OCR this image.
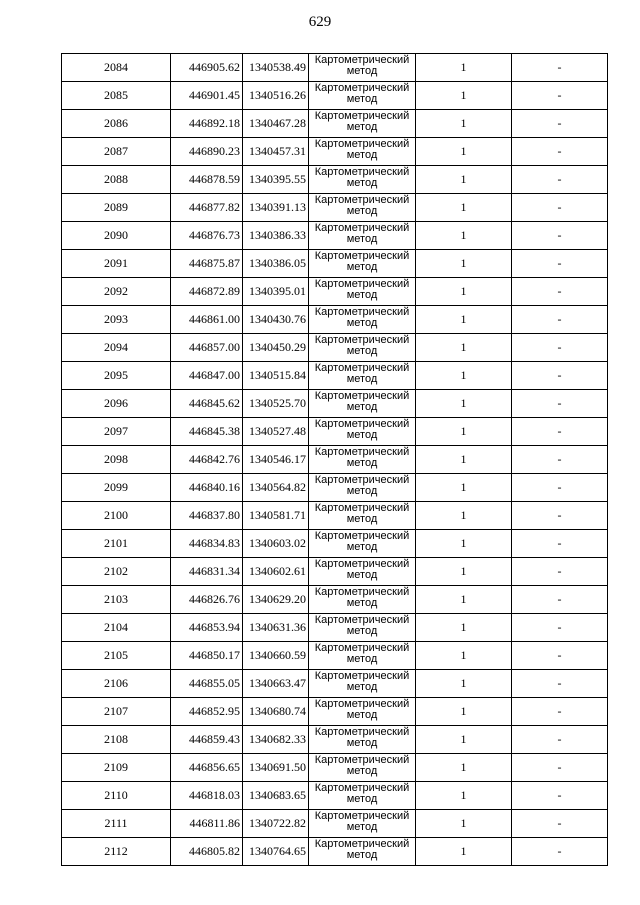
629
2084	446905.62	1340538.49	Картометрический метод	1	-
2085	446901.45	1340516.26	Картометрический метод	1	-
2086	446892.18	1340467.28	Картометрический метод	1	-
2087	446890.23	1340457.31	Картометрический метод	1	-
2088	446878.59	1340395.55	Картометрический метод	1	-
2089	446877.82	1340391.13	Картометрический метод	1	-
2090	446876.73	1340386.33	Картометрический метод	1	-
2091	446875.87	1340386.05	Картометрический метод	1	-
2092	446872.89	1340395.01	Картометрический метод	1	-
2093	446861.00	1340430.76	Картометрический метод	1	-
2094	446857.00	1340450.29	Картометрический метод	1	-
2095	446847.00	1340515.84	Картометрический метод	1	-
2096	446845.62	1340525.70	Картометрический метод	1	-
2097	446845.38	1340527.48	Картометрический метод	1	-
2098	446842.76	1340546.17	Картометрический метод	1	-
2099	446840.16	1340564.82	Картометрический метод	1	-
2100	446837.80	1340581.71	Картометрический метод	1	-
2101	446834.83	1340603.02	Картометрический метод	1	-
2102	446831.34	1340602.61	Картометрический метод	1	-
2103	446826.76	1340629.20	Картометрический метод	1	-
2104	446853.94	1340631.36	Картометрический метод	1	-
2105	446850.17	1340660.59	Картометрический метод	1	-
2106	446855.05	1340663.47	Картометрический метод	1	-
2107	446852.95	1340680.74	Картометрический метод	1	-
2108	446859.43	1340682.33	Картометрический метод	1	-
2109	446856.65	1340691.50	Картометрический метод	1	-
2110	446818.03	1340683.65	Картометрический метод	1	-
2111	446811.86	1340722.82	Картометрический метод	1	-
2112	446805.82	1340764.65	Картометрический метод	1	-
